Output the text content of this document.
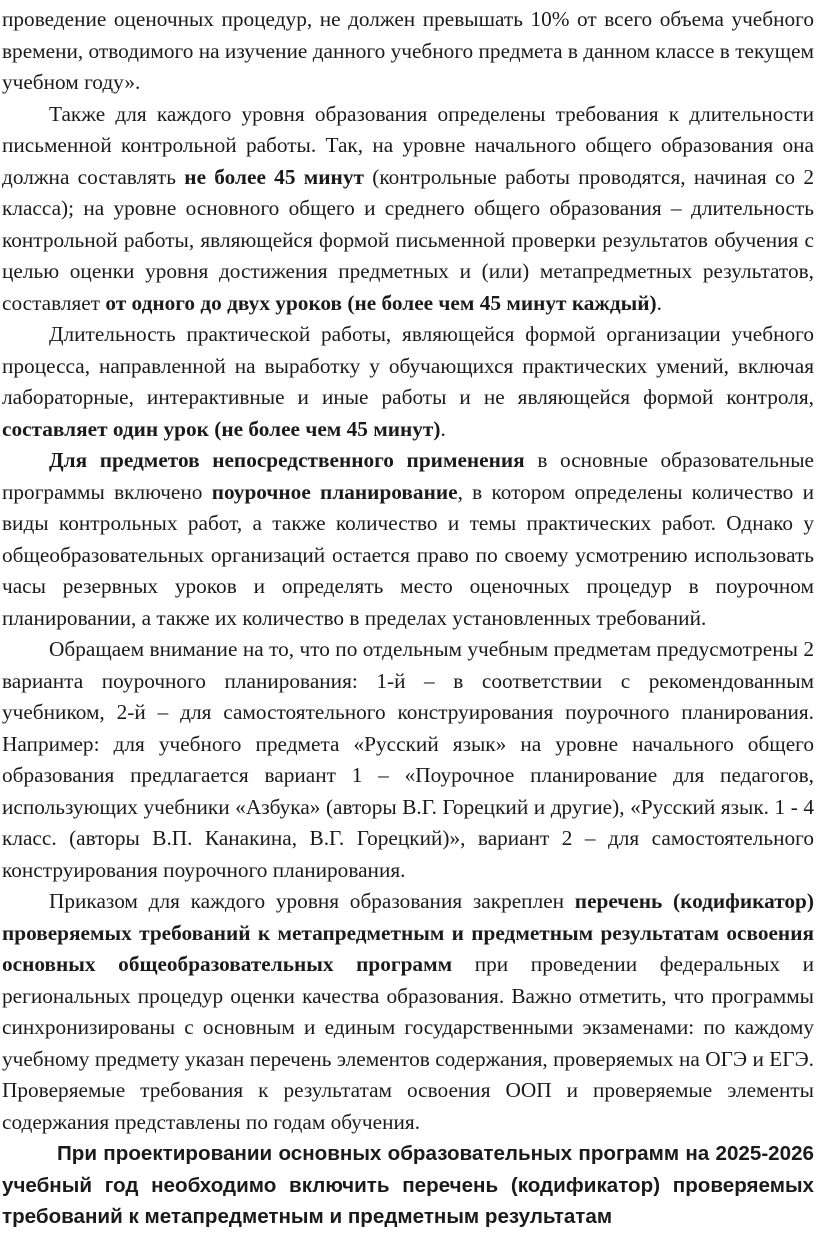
проведение оценочных процедур, не должен превышать 10% от всего объема учебного времени, отводимого на изучение данного учебного предмета в данном классе в текущем учебном году».

Также для каждого уровня образования определены требования к длительности письменной контрольной работы. Так, на уровне начального общего образования она должна составлять не более 45 минут (контрольные работы проводятся, начиная со 2 класса); на уровне основного общего и среднего общего образования – длительность контрольной работы, являющейся формой письменной проверки результатов обучения с целью оценки уровня достижения предметных и (или) метапредметных результатов, составляет от одного до двух уроков (не более чем 45 минут каждый).

Длительность практической работы, являющейся формой организации учебного процесса, направленной на выработку у обучающихся практических умений, включая лабораторные, интерактивные и иные работы и не являющейся формой контроля, составляет один урок (не более чем 45 минут).

Для предметов непосредственного применения в основные образовательные программы включено поурочное планирование, в котором определены количество и виды контрольных работ, а также количество и темы практических работ. Однако у общеобразовательных организаций остается право по своему усмотрению использовать часы резервных уроков и определять место оценочных процедур в поурочном планировании, а также их количество в пределах установленных требований.

Обращаем внимание на то, что по отдельным учебным предметам предусмотрены 2 варианта поурочного планирования: 1-й – в соответствии с рекомендованным учебником, 2-й – для самостоятельного конструирования поурочного планирования. Например: для учебного предмета «Русский язык» на уровне начального общего образования предлагается вариант 1 – «Поурочное планирование для педагогов, использующих учебники «Азбука» (авторы В.Г. Горецкий и другие), «Русский язык. 1 - 4 класс. (авторы В.П. Канакина, В.Г. Горецкий)», вариант 2 – для самостоятельного конструирования поурочного планирования.

Приказом для каждого уровня образования закреплен перечень (кодификатор) проверяемых требований к метапредметным и предметным результатам освоения основных общеобразовательных программ при проведении федеральных и региональных процедур оценки качества образования. Важно отметить, что программы синхронизированы с основным и единым государственными экзаменами: по каждому учебному предмету указан перечень элементов содержания, проверяемых на ОГЭ и ЕГЭ. Проверяемые требования к результатам освоения ООП и проверяемые элементы содержания представлены по годам обучения.

При проектировании основных образовательных программ на 2025-2026 учебный год необходимо включить перечень (кодификатор) проверяемых требований к метапредметным и предметным результатам
